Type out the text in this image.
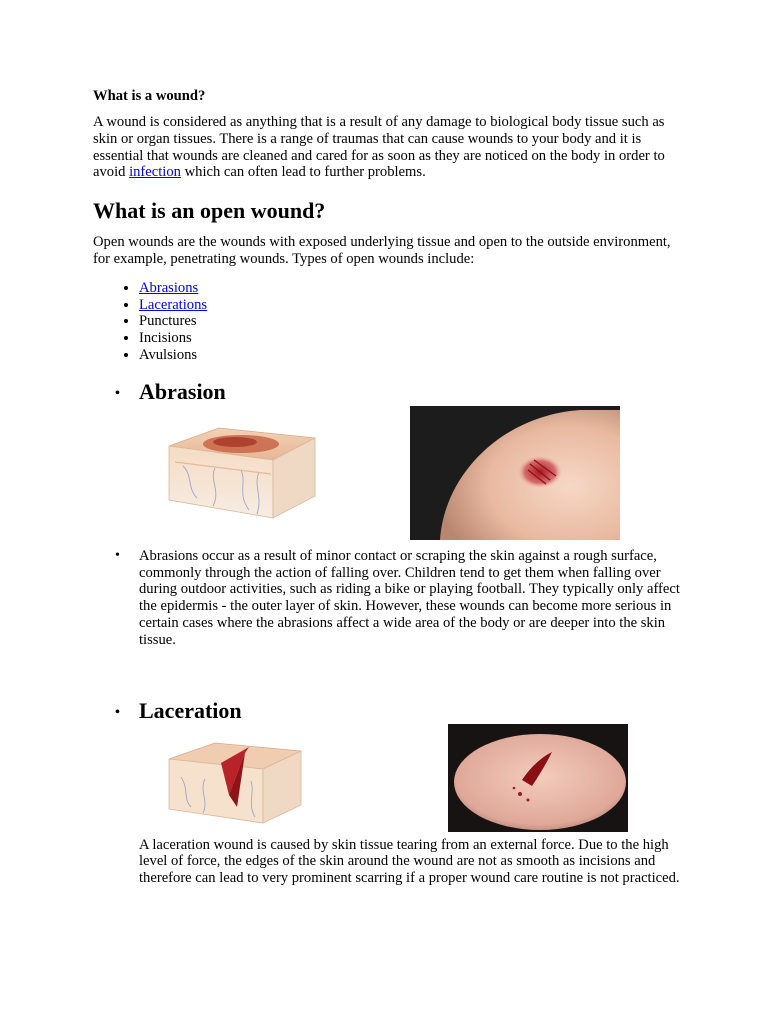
What is a wound?

A wound is considered as anything that is a result of any damage to biological body tissue such as skin or organ tissues. There is a range of traumas that can cause wounds to your body and it is essential that wounds are cleaned and cared for as soon as they are noticed on the body in order to avoid infection which can often lead to further problems.

What is an open wound?

Open wounds are the wounds with exposed underlying tissue and open to the outside environment, for example, penetrating wounds. Types of open wounds include:

• Abrasions
• Lacerations
• Punctures
• Incisions
• Avulsions
• Abrasion
• Abrasions occur as a result of minor contact or scraping the skin against a rough surface, commonly through the action of falling over. Children tend to get them when falling over during outdoor activities, such as riding a bike or playing football. They typically only affect the epidermis - the outer layer of skin. However, these wounds can become more serious in certain cases where the abrasions affect a wide area of the body or are deeper into the skin tissue.

• Laceration

A laceration wound is caused by skin tissue tearing from an external force. Due to the high level of force, the edges of the skin around the wound are not as smooth as incisions and therefore can lead to very prominent scarring if a proper wound care routine is not practiced.
